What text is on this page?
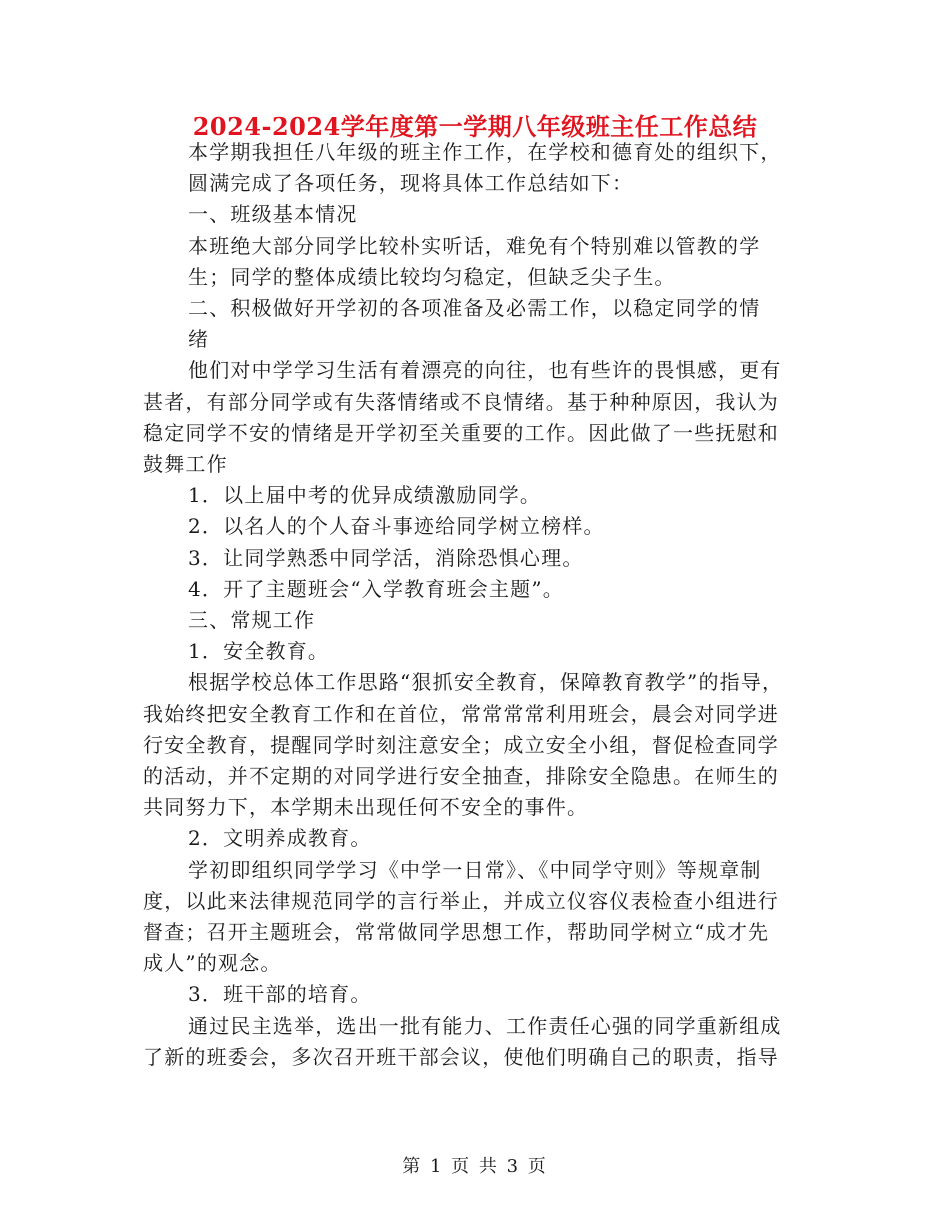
2024-2024学年度第一学期八年级班主任工作总结

本学期我担任八年级的班主作工作，在学校和德育处的组织下，

圆满完成了各项任务，现将具体工作总结如下：

一、班级基本情况

本班绝大部分同学比较朴实听话，难免有个特别难以管教的学

生；同学的整体成绩比较均匀稳定，但缺乏尖子生。

二、积极做好开学初的各项准备及必需工作，以稳定同学的情

绪

他们对中学学习生活有着漂亮的向往，也有些许的畏惧感，更有

甚者，有部分同学或有失落情绪或不良情绪。基于种种原因，我认为

稳定同学不安的情绪是开学初至关重要的工作。因此做了一些抚慰和

鼓舞工作

1．以上届中考的优异成绩激励同学。

2．以名人的个人奋斗事迹给同学树立榜样。

3．让同学熟悉中同学活，消除恐惧心理。

4．开了主题班会“入学教育班会主题”。

三、常规工作

1．安全教育。

根据学校总体工作思路“狠抓安全教育，保障教育教学”的指导，

我始终把安全教育工作和在首位，常常常常利用班会，晨会对同学进

行安全教育，提醒同学时刻注意安全；成立安全小组，督促检查同学

的活动，并不定期的对同学进行安全抽查，排除安全隐患。在师生的

共同努力下，本学期未出现任何不安全的事件。

2．文明养成教育。

学初即组织同学学习《中学一日常》、《中同学守则》等规章制

度，以此来法律规范同学的言行举止，并成立仪容仪表检查小组进行

督查；召开主题班会，常常做同学思想工作，帮助同学树立“成才先

成人”的观念。

3．班干部的培育。

通过民主选举，选出一批有能力、工作责任心强的同学重新组成

了新的班委会，多次召开班干部会议，使他们明确自己的职责，指导

第 1 页 共 3 页
